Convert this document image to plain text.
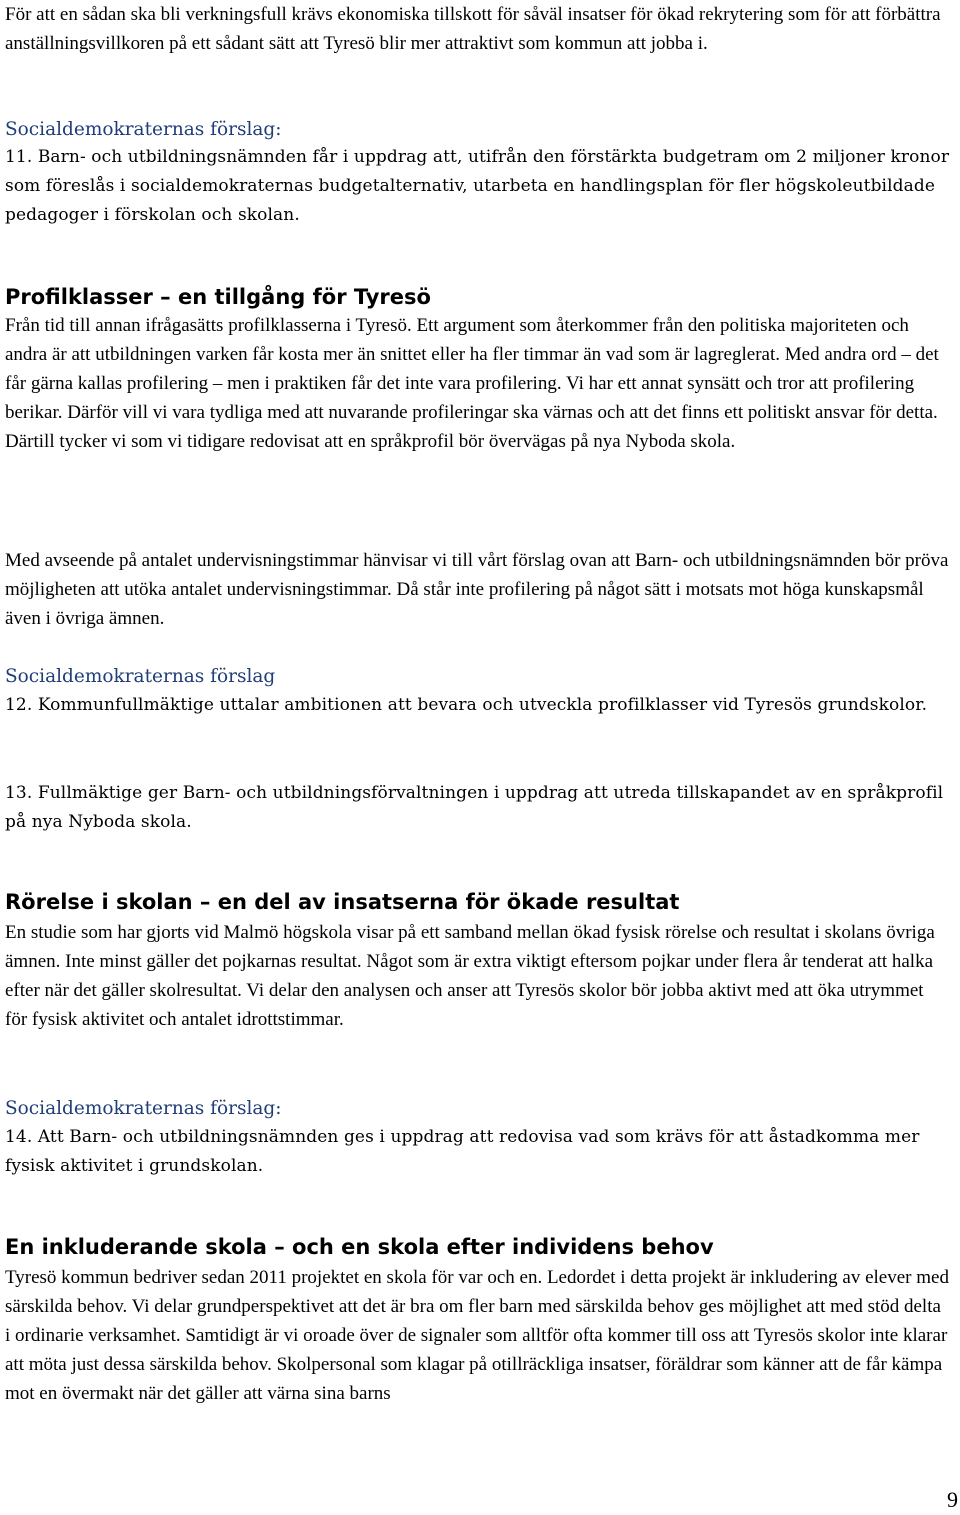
För att en sådan ska bli verkningsfull krävs ekonomiska tillskott för såväl insatser för ökad rekrytering som för att förbättra anställningsvillkoren på ett sådant sätt att Tyresö blir mer attraktivt som kommun att jobba i.

Socialdemokraternas förslag:

11. Barn- och utbildningsnämnden får i uppdrag att, utifrån den förstärkta budgetram om 2 miljoner kronor som föreslås i socialdemokraternas budgetalternativ, utarbeta en handlingsplan för fler högskoleutbildade pedagoger i förskolan och skolan.

Profilklasser – en tillgång för Tyresö

Från tid till annan ifrågasätts profilklasserna i Tyresö. Ett argument som återkommer från den politiska majoriteten och andra är att utbildningen varken får kosta mer än snittet eller ha fler timmar än vad som är lagreglerat. Med andra ord – det får gärna kallas profilering – men i praktiken får det inte vara profilering. Vi har ett annat synsätt och tror att profilering berikar. Därför vill vi vara tydliga med att nuvarande profileringar ska värnas och att det finns ett politiskt ansvar för detta. Därtill tycker vi som vi tidigare redovisat att en språkprofil bör övervägas på nya Nyboda skola.

Med avseende på antalet undervisningstimmar hänvisar vi till vårt förslag ovan att Barn- och utbildningsnämnden bör pröva möjligheten att utöka antalet undervisningstimmar. Då står inte profilering på något sätt i motsats mot höga kunskapsmål även i övriga ämnen.

Socialdemokraternas förslag

12. Kommunfullmäktige uttalar ambitionen att bevara och utveckla profilklasser vid Tyresös grundskolor.

13. Fullmäktige ger Barn- och utbildningsförvaltningen i uppdrag att utreda tillskapandet av en språkprofil på nya Nyboda skola.

Rörelse i skolan – en del av insatserna för ökade resultat

En studie som har gjorts vid Malmö högskola visar på ett samband mellan ökad fysisk rörelse och resultat i skolans övriga ämnen. Inte minst gäller det pojkarnas resultat. Något som är extra viktigt eftersom pojkar under flera år tenderat att halka efter när det gäller skolresultat. Vi delar den analysen och anser att Tyresös skolor bör jobba aktivt med att öka utrymmet för fysisk aktivitet och antalet idrottstimmar.

Socialdemokraternas förslag:

14. Att Barn- och utbildningsnämnden ges i uppdrag att redovisa vad som krävs för att åstadkomma mer fysisk aktivitet i grundskolan.

En inkluderande skola – och en skola efter individens behov

Tyresö kommun bedriver sedan 2011 projektet en skola för var och en. Ledordet i detta projekt är inkludering av elever med särskilda behov. Vi delar grundperspektivet att det är bra om fler barn med särskilda behov ges möjlighet att med stöd delta i ordinarie verksamhet. Samtidigt är vi oroade över de signaler som alltför ofta kommer till oss att Tyresös skolor inte klarar att möta just dessa särskilda behov. Skolpersonal som klagar på otillräckliga insatser, föräldrar som känner att de får kämpa mot en övermakt när det gäller att värna sina barns

9
